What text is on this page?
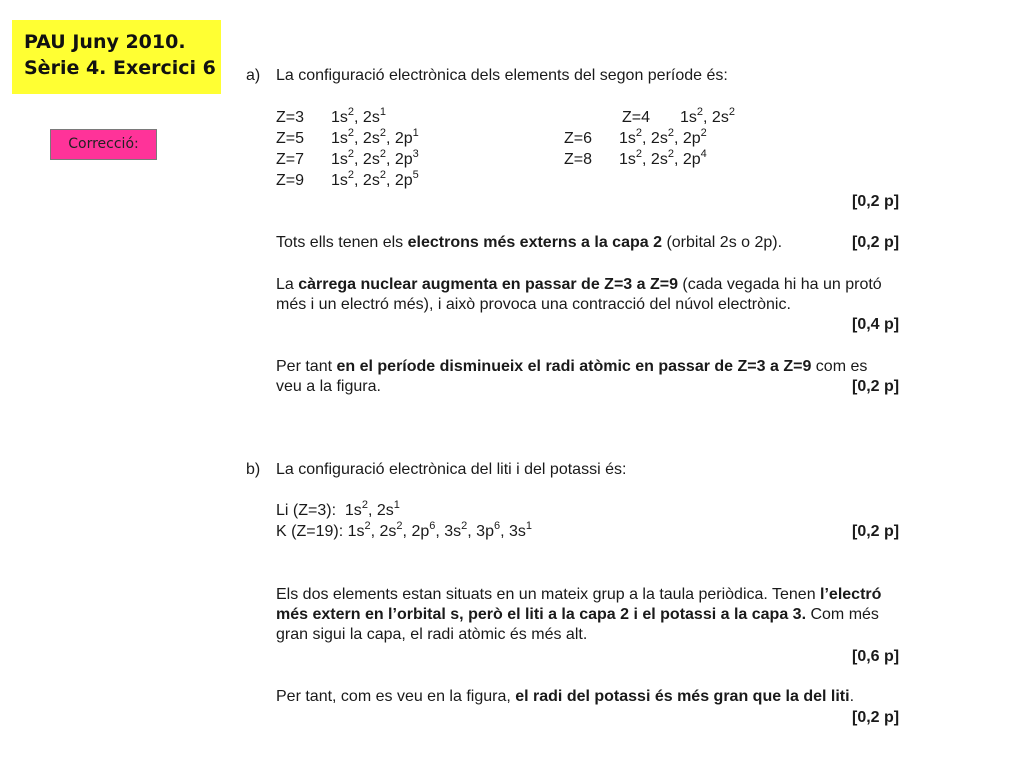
PAU Juny 2010.
Sèrie 4. Exercici 6
Correcció:
a) La configuració electrònica dels elements del segon període és:
Z=3 $1s^2$, $2s^1$	Z=4 $1s^2$, $2s^2$
Z=5 $1s^2$, $2s^2$, $2p^1$	Z=6 $1s^2$, $2s^2$, $2p^2$
Z=7 $1s^2$, $2s^2$, $2p^3$	Z=8 $1s^2$, $2s^2$, $2p^4$
Z=9 $1s^2$, $2s^2$, $2p^5$
[0,2 p]
Tots ells tenen els electrons més externs a la capa 2 (orbital 2s o 2p).	[0,2 p]
La càrrega nuclear augmenta en passar de Z=3 a Z=9 (cada vegada hi ha un protó
més i un electró més), i això provoca una contracció del núvol electrònic.
[0,4 p]
Per tant en el període disminueix el radi atòmic en passar de Z=3 a Z=9 com es
veu a la figura.	[0,2 p]
b) La configuració electrònica del liti i del potassi és:
Li (Z=3): $1s^2$, $2s^1$
K (Z=19): $1s^2$, $2s^2$, $2p^6$, $3s^2$, $3p^6$, $3s^1$	[0,2 p]
Els dos elements estan situats en un mateix grup a la taula periòdica. Tenen l’electró
més extern en l’orbital s, però el liti a la capa 2 i el potassi a la capa 3. Com més
gran sigui la capa, el radi atòmic és més alt.
[0,6 p]
Per tant, com es veu en la figura, el radi del potassi és més gran que la del liti.
[0,2 p]
